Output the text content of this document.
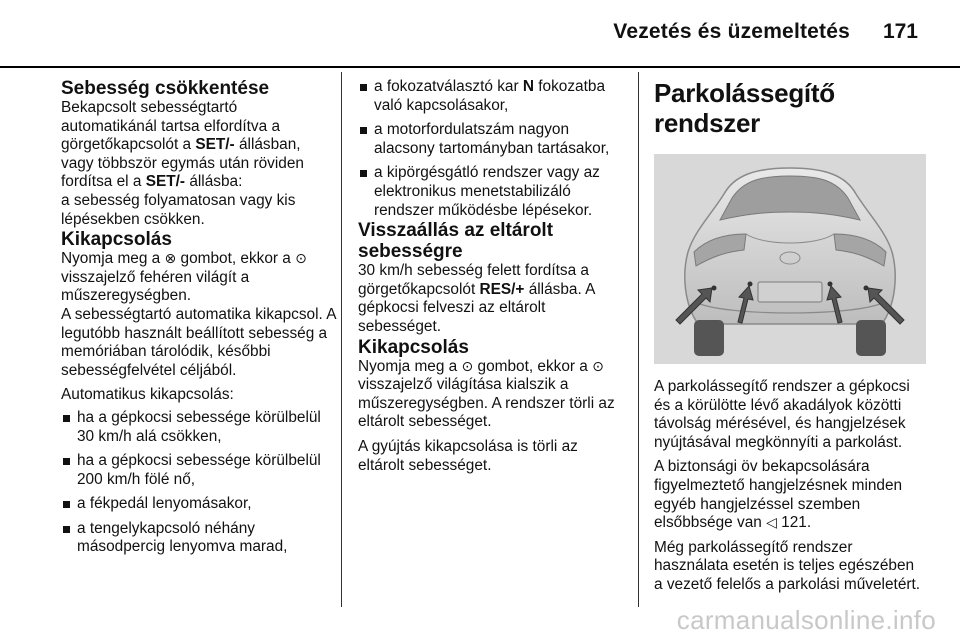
Vezetés és üzemeltetés 171
Sebesség csökkentése

Bekapcsolt sebességtartó automatikánál tartsa elfordítva a görgetőkapcsolót a SET/- állásban, vagy többször egymás után röviden fordítsa el a SET/- állásba:

a sebesség folyamatosan vagy kis lépésekben csökken.

Kikapcsolás

Nyomja meg a ⊗ gombot, ekkor a ⊙ visszajelző fehéren világít a műszeregységben.

A sebességtartó automatika kikapcsol. A legutóbb használt beállított sebesség a memóriában tárolódik, későbbi sebességfelvétel céljából.

Automatikus kikapcsolás:

ha a gépkocsi sebessége körülbelül 30 km/h alá csökken,
ha a gépkocsi sebessége körülbelül 200 km/h fölé nő,
a fékpedál lenyomásakor,
a tengelykapcsoló néhány másodpercig lenyomva marad,
a fokozatválasztó kar N fokozatba való kapcsolásakor,
a motorfordulatszám nagyon alacsony tartományban tartásakor,
a kipörgésgátló rendszer vagy az elektronikus menetstabilizáló rendszer működésbe lépésekor.
Visszaállás az eltárolt sebességre

30 km/h sebesség felett fordítsa a görgetőkapcsolót RES/+ állásba. A gépkocsi felveszi az eltárolt sebességet.

Kikapcsolás

Nyomja meg a ⊙ gombot, ekkor a ⊙ visszajelző világítása kialszik a műszeregységben. A rendszer törli az eltárolt sebességet.

A gyújtás kikapcsolása is törli az eltárolt sebességet.

Parkolássegítő rendszer

A parkolássegítő rendszer a gépkocsi és a körülötte lévő akadályok közötti távolság mérésével, és hangjelzések nyújtásával megkönnyíti a parkolást.

A biztonsági öv bekapcsolására figyelmeztető hangjelzésnek minden egyéb hangjelzéssel szemben elsőbbsége van ◁ 121.

Még parkolássegítő rendszer használata esetén is teljes egészében a vezető felelős a parkolási műveletért.

carmanualsonline.info
